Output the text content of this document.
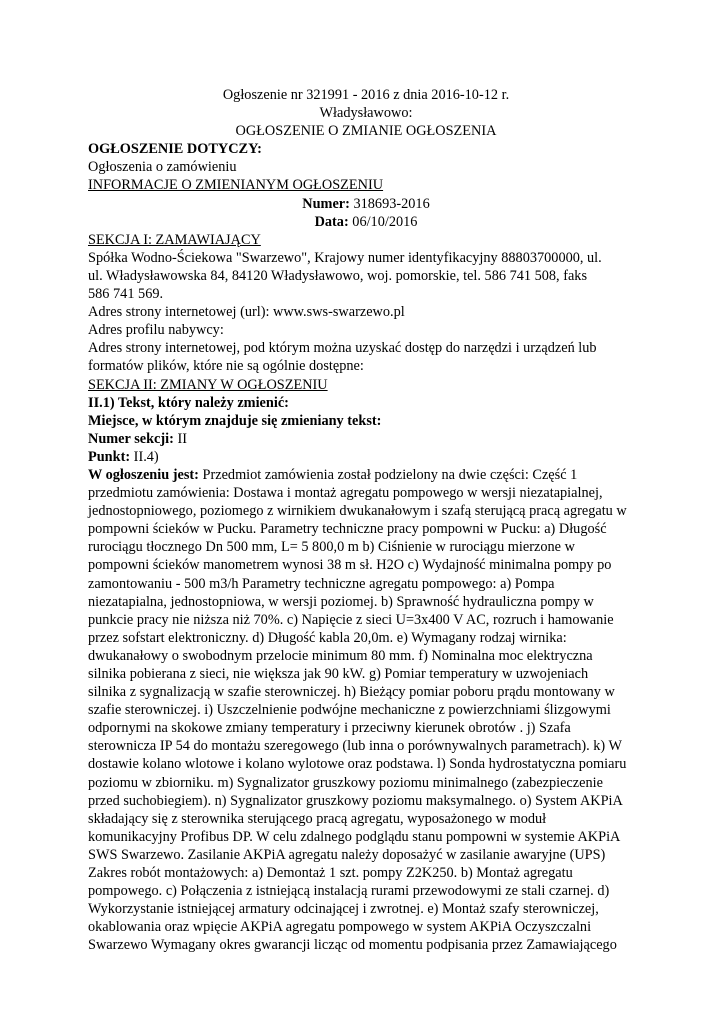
Ogłoszenie nr 321991 - 2016 z dnia 2016-10-12 r.
Władysławowo:
OGŁOSZENIE O ZMIANIE OGŁOSZENIA
OGŁOSZENIE DOTYCZY:
Ogłoszenia o zamówieniu
INFORMACJE O ZMIENIANYM OGŁOSZENIU
Numer: 318693-2016
Data: 06/10/2016
SEKCJA I: ZAMAWIAJĄCY
Spółka Wodno-Ściekowa "Swarzewo", Krajowy numer identyfikacyjny 88803700000, ul.
ul. Władysławowska 84, 84120 Władysławowo, woj. pomorskie, tel. 586 741 508, faks
586 741 569.
Adres strony internetowej (url): www.sws-swarzewo.pl
Adres profilu nabywcy:
Adres strony internetowej, pod którym można uzyskać dostęp do narzędzi i urządzeń lub
formatów plików, które nie są ogólnie dostępne:
SEKCJA II: ZMIANY W OGŁOSZENIU
II.1) Tekst, który należy zmienić:
Miejsce, w którym znajduje się zmieniany tekst:
Numer sekcji: II
Punkt: II.4)
W ogłoszeniu jest: Przedmiot zamówienia został podzielony na dwie części: Część 1
przedmiotu zamówienia: Dostawa i montaż agregatu pompowego w wersji niezatapialnej,
jednostopniowego, poziomego z wirnikiem dwukanałowym i szafą sterującą pracą agregatu w
pompowni ścieków w Pucku. Parametry techniczne pracy pompowni w Pucku: a) Długość
rurociągu tłocznego Dn 500 mm, L= 5 800,0 m b) Ciśnienie w rurociągu mierzone w
pompowni ścieków manometrem wynosi 38 m sł. H2O c) Wydajność minimalna pompy po
zamontowaniu - 500 m3/h Parametry techniczne agregatu pompowego: a) Pompa
niezatapialna, jednostopniowa, w wersji poziomej. b) Sprawność hydrauliczna pompy w
punkcie pracy nie niższa niż 70%. c) Napięcie z sieci U=3x400 V AC, rozruch i hamowanie
przez sofstart elektroniczny. d) Długość kabla 20,0m. e) Wymagany rodzaj wirnika:
dwukanałowy o swobodnym przelocie minimum 80 mm. f) Nominalna moc elektryczna
silnika pobierana z sieci, nie większa jak 90 kW. g) Pomiar temperatury w uzwojeniach
silnika z sygnalizacją w szafie sterowniczej. h) Bieżący pomiar poboru prądu montowany w
szafie sterowniczej. i) Uszczelnienie podwójne mechaniczne z powierzchniami ślizgowymi
odpornymi na skokowe zmiany temperatury i przeciwny kierunek obrotów . j) Szafa
sterownicza IP 54 do montażu szeregowego (lub inna o porównywalnych parametrach). k) W
dostawie kolano wlotowe i kolano wylotowe oraz podstawa. l) Sonda hydrostatyczna pomiaru
poziomu w zbiorniku. m) Sygnalizator gruszkowy poziomu minimalnego (zabezpieczenie
przed suchobiegiem). n) Sygnalizator gruszkowy poziomu maksymalnego. o) System AKPiA
składający się z sterownika sterującego pracą agregatu, wyposażonego w moduł
komunikacyjny Profibus DP. W celu zdalnego podglądu stanu pompowni w systemie AKPiA
SWS Swarzewo. Zasilanie AKPiA agregatu należy doposażyć w zasilanie awaryjne (UPS)
Zakres robót montażowych: a) Demontaż 1 szt. pompy Z2K250. b) Montaż agregatu
pompowego. c) Połączenia z istniejącą instalacją rurami przewodowymi ze stali czarnej. d)
Wykorzystanie istniejącej armatury odcinającej i zwrotnej. e) Montaż szafy sterowniczej,
okablowania oraz wpięcie AKPiA agregatu pompowego w system AKPiA Oczyszczalni
Swarzewo Wymagany okres gwarancji licząc od momentu podpisania przez Zamawiającego
